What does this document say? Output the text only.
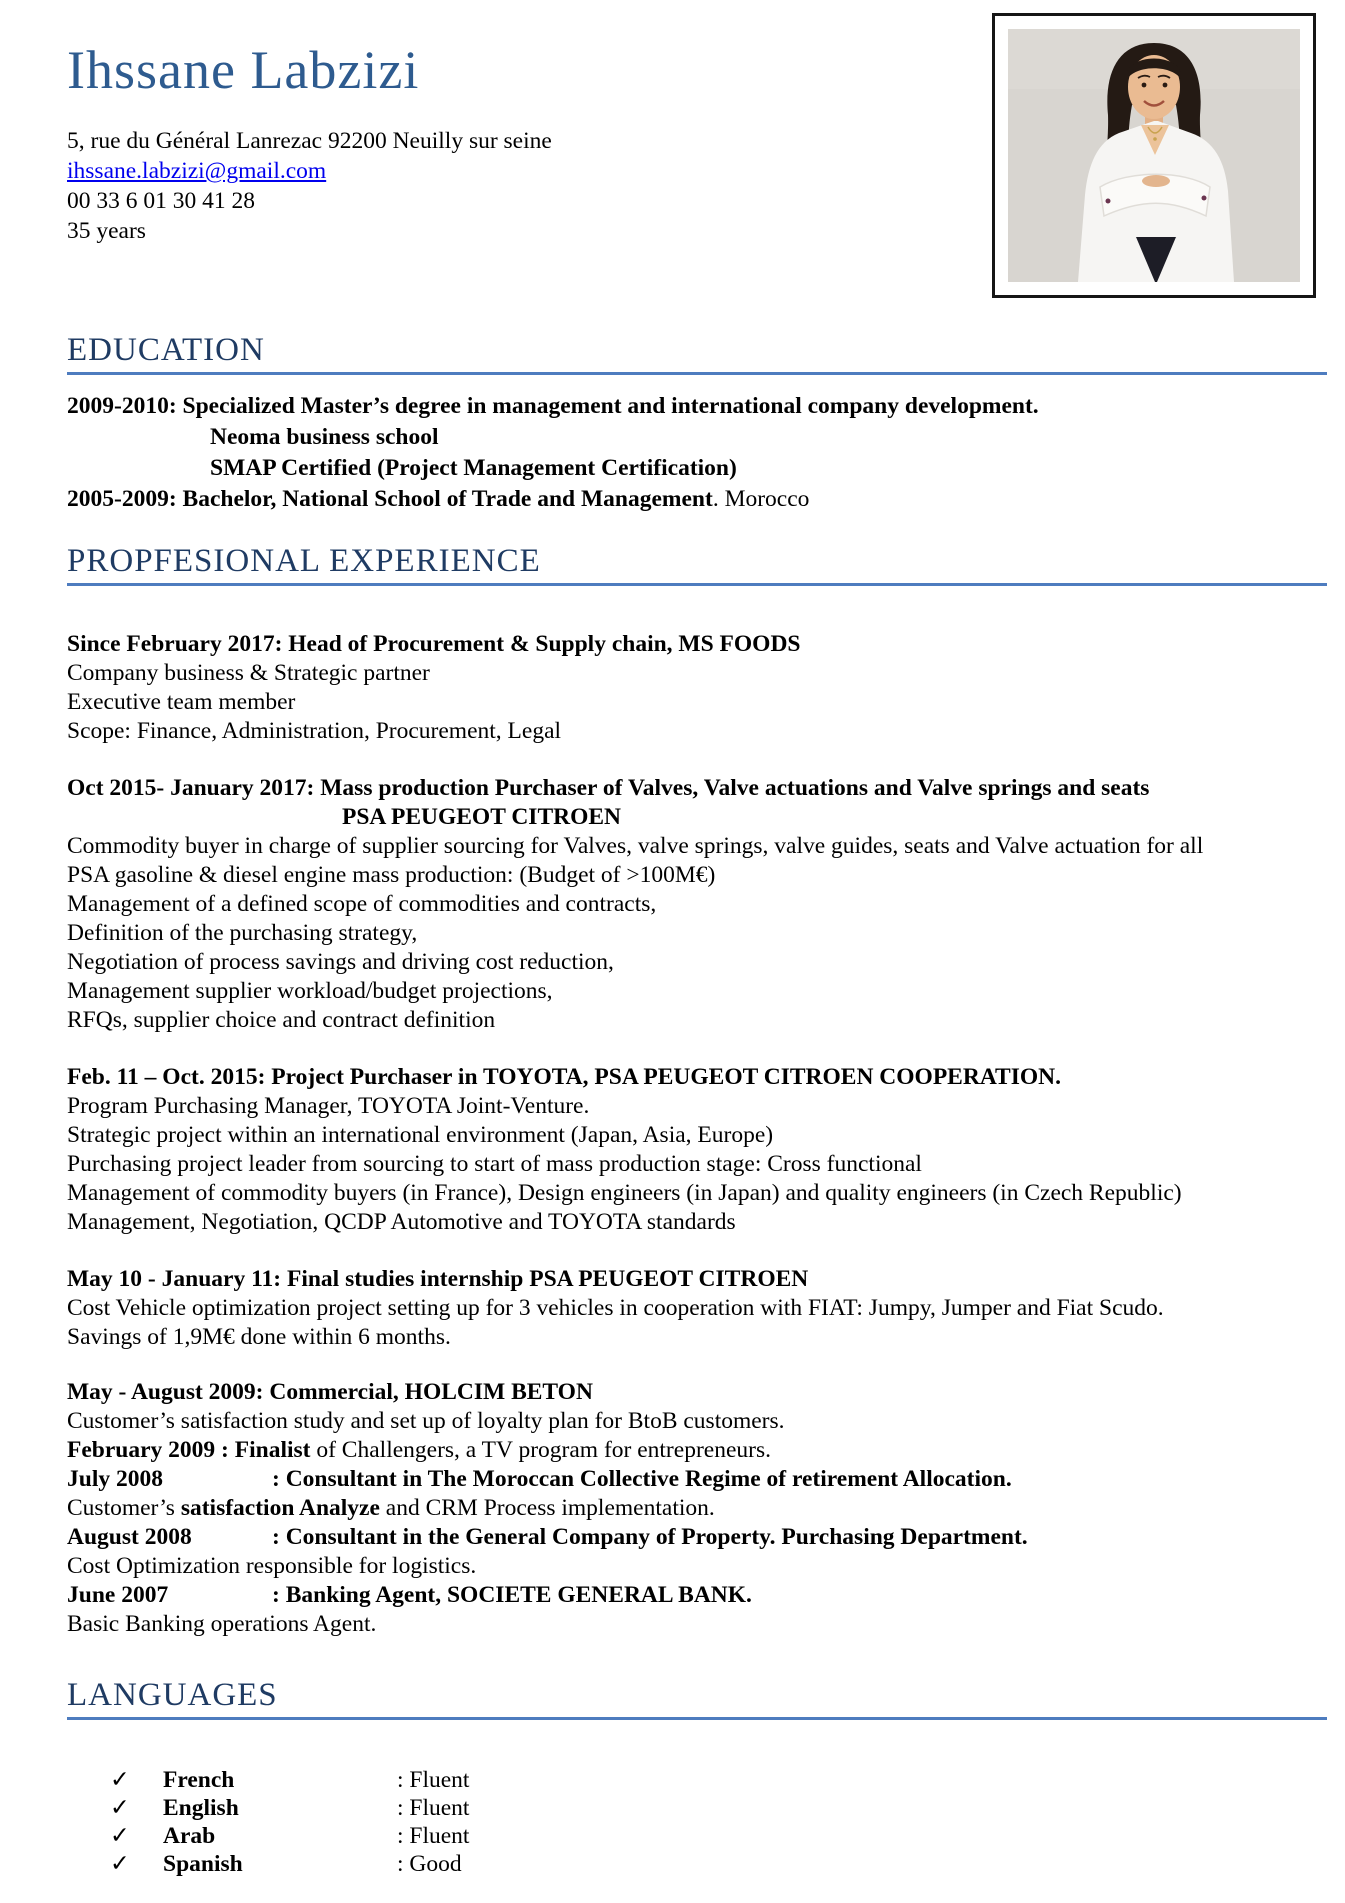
Ihssane Labzizi
5, rue du Général Lanrezac 92200 Neuilly sur seine
ihssane.labzizi@gmail.com
00 33 6 01 30 41 28
35 years
EDUCATION
2009-2010: Specialized Master’s degree in management and international company development.
Neoma business school
SMAP Certified (Project Management Certification)
2005-2009: Bachelor, National School of Trade and Management. Morocco
PROPFESIONAL EXPERIENCE
Since February 2017: Head of Procurement & Supply chain, MS FOODS
Company business & Strategic partner
Executive team member
Scope: Finance, Administration, Procurement, Legal
Oct 2015- January 2017: Mass production Purchaser of Valves, Valve actuations and Valve springs and seats
PSA PEUGEOT CITROEN
Commodity buyer in charge of supplier sourcing for Valves, valve springs, valve guides, seats and Valve actuation for all
PSA gasoline & diesel engine mass production: (Budget of >100M€)
Management of a defined scope of commodities and contracts,
Definition of the purchasing strategy,
Negotiation of process savings and driving cost reduction,
Management supplier workload/budget projections,
RFQs, supplier choice and contract definition
Feb. 11 – Oct. 2015: Project Purchaser in TOYOTA, PSA PEUGEOT CITROEN COOPERATION.
Program Purchasing Manager, TOYOTA Joint-Venture.
Strategic project within an international environment (Japan, Asia, Europe)
Purchasing project leader from sourcing to start of mass production stage: Cross functional
Management of commodity buyers (in France), Design engineers (in Japan) and quality engineers (in Czech Republic)
Management, Negotiation, QCDP Automotive and TOYOTA standards
May 10 - January 11: Final studies internship PSA PEUGEOT CITROEN
Cost Vehicle optimization project setting up for 3 vehicles in cooperation with FIAT: Jumpy, Jumper and Fiat Scudo.
Savings of 1,9M€ done within 6 months.
May - August 2009: Commercial, HOLCIM BETON
Customer’s satisfaction study and set up of loyalty plan for BtoB customers.
February 2009 : Finalist of Challengers, a TV program for entrepreneurs.
July 2008	: Consultant in The Moroccan Collective Regime of retirement Allocation.
Customer’s satisfaction Analyze and CRM Process implementation.
August 2008	: Consultant in the General Company of Property. Purchasing Department.
Cost Optimization responsible for logistics.
June 2007	: Banking Agent, SOCIETE GENERAL BANK.
Basic Banking operations Agent.
LANGUAGES
✓	French	: Fluent
✓	English	: Fluent
✓	Arab	: Fluent
✓	Spanish	: Good
